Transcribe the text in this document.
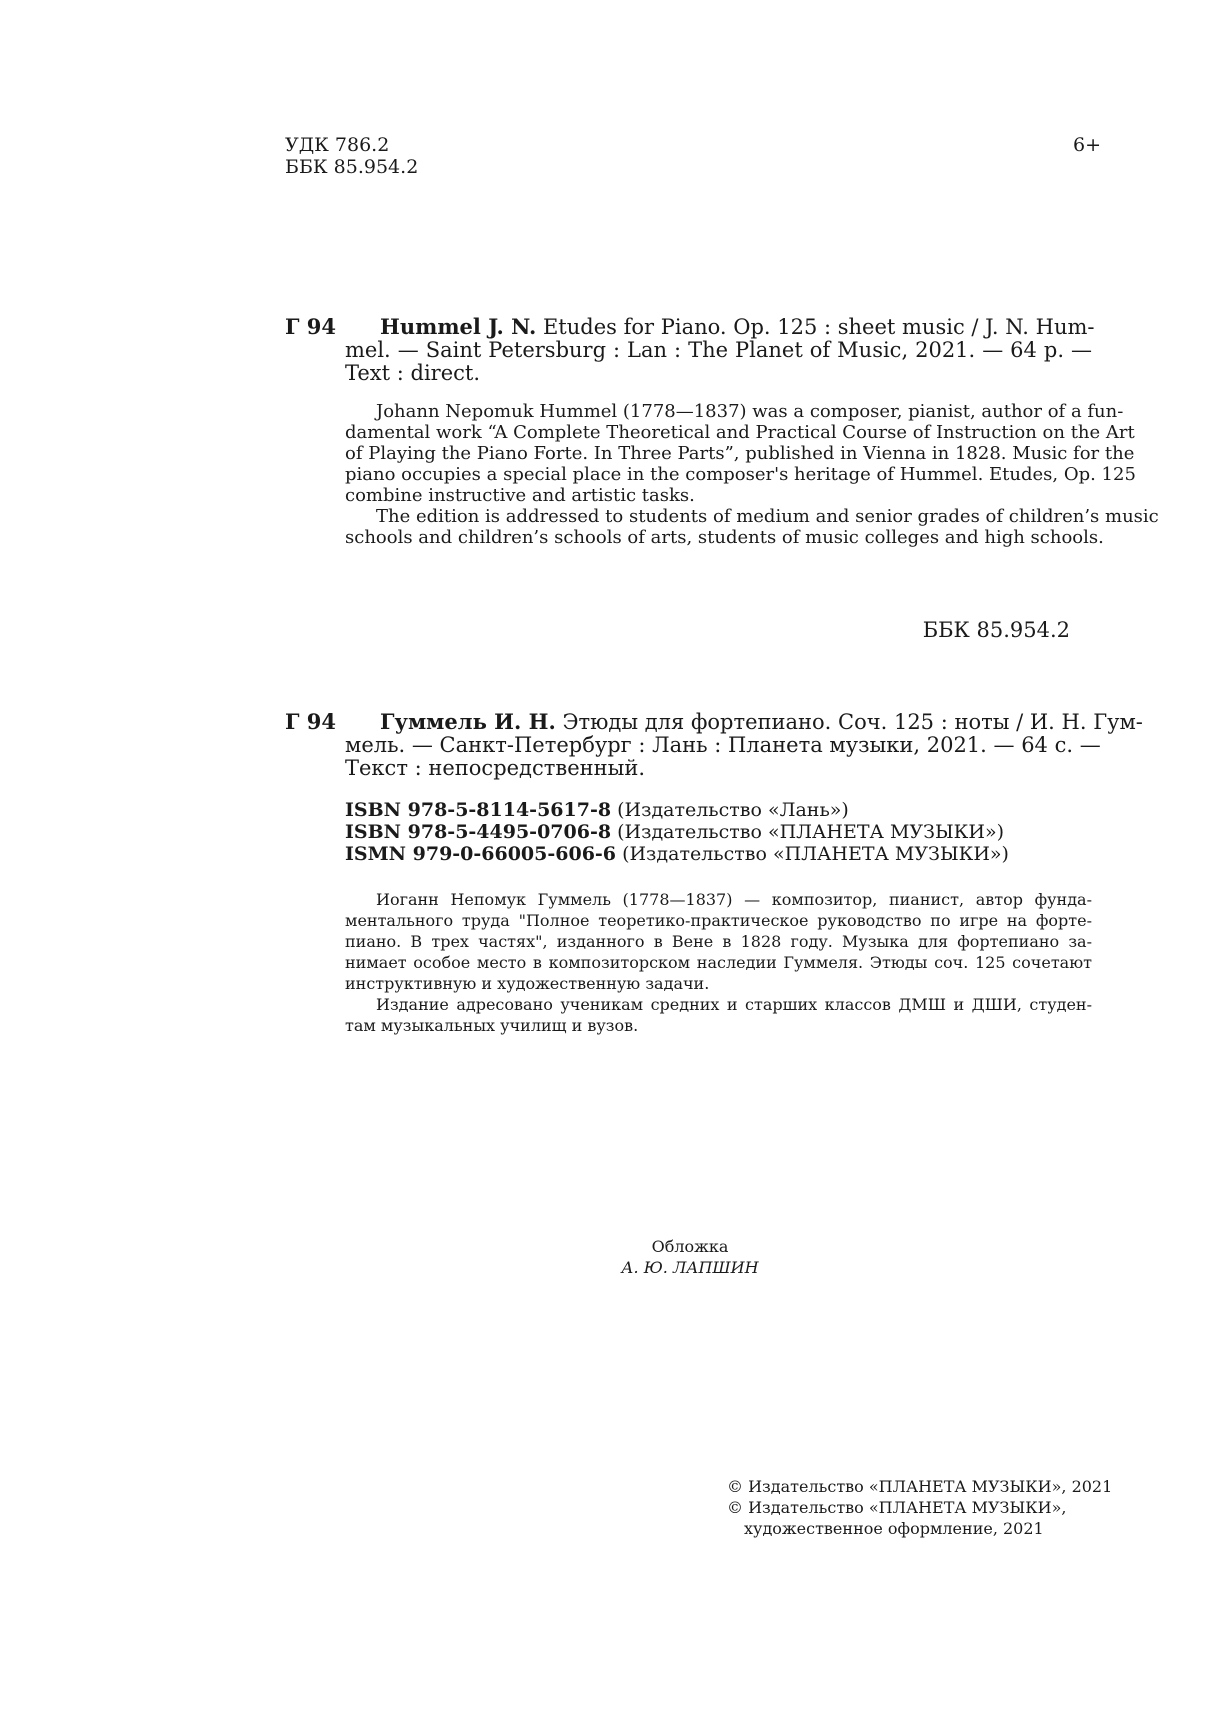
УДК 786.2
ББК 85.954.2
6+
Г 94 Hummel J. N. Etudes for Piano. Op. 125 : sheet music / J. N. Hum-
mel. — Saint Petersburg : Lan : The Planet of Music, 2021. — 64 p. —
Text : direct.
Johann Nepomuk Hummel (1778—1837) was a composer, pianist, author of a fun-
damental work “A Complete Theoretical and Practical Course of Instruction on the Art
of Playing the Piano Forte. In Three Parts”, published in Vienna in 1828. Music for the
piano occupies a special place in the composer's heritage of Hummel. Etudes, Op. 125
combine instructive and artistic tasks.
The edition is addressed to students of medium and senior grades of children’s music
schools and children’s schools of arts, students of music colleges and high schools.
ББК 85.954.2
Г 94 Гуммель И. Н. Этюды для фортепиано. Соч. 125 : ноты / И. Н. Гум-
мель. — Санкт-Петербург : Лань : Планета музыки, 2021. — 64 с. —
Текст : непосредственный.
ISBN 978-5-8114-5617-8 (Издательство «Лань»)
ISBN 978-5-4495-0706-8 (Издательство «ПЛАНЕТА МУЗЫКИ»)
ISMN 979-0-66005-606-6 (Издательство «ПЛАНЕТА МУЗЫКИ»)
Иоганн Непомук Гуммель (1778—1837) — композитор, пианист, автор фунда-
ментального труда "Полное теоретико-практическое руководство по игре на форте-
пиано. В трех частях", изданного в Вене в 1828 году. Музыка для фортепиано за-
нимает особое место в композиторском наследии Гуммеля. Этюды соч. 125 сочетают
инструктивную и художественную задачи.
Издание адресовано ученикам средних и старших классов ДМШ и ДШИ, студен-
там музыкальных училищ и вузов.
Обложка
А. Ю. ЛАПШИН
© Издательство «ПЛАНЕТА МУЗЫКИ», 2021
© Издательство «ПЛАНЕТА МУЗЫКИ»,
художественное оформление, 2021
